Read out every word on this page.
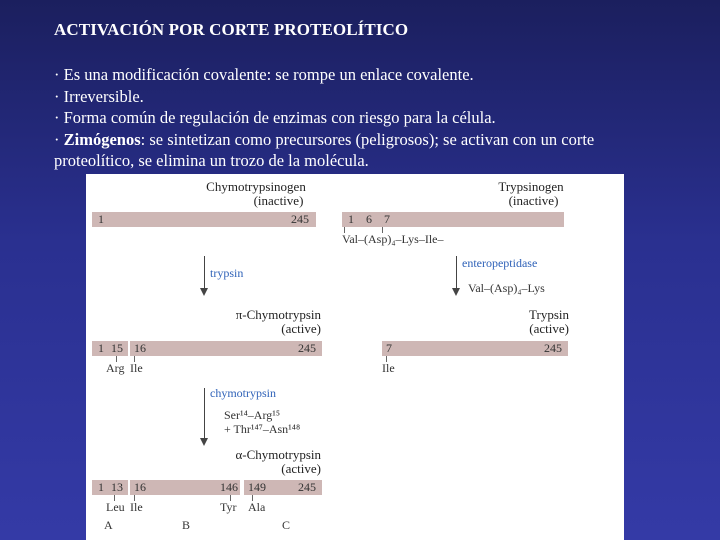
ACTIVACIÓN POR CORTE PROTEOLÍTICO
· Es una modificación covalente: se rompe un enlace covalente.
· Irreversible.
· Forma común de regulación de enzimas con riesgo para la célula.
· Zimógenos: se sintetizan como precursores (peligrosos); se activan con un corte
proteolítico, se elimina un trozo de la molécula.
Chymotrypsinogen
(inactive)
Trypsinogen
(inactive)
1	245	1 6 7
Val–(Asp)₄–Lys–Ile–
trypsin
enteropeptidase
Val–(Asp)₄–Lys
π-Chymotrypsin
(active)
Trypsin
(active)
1 15 16	245
Arg Ile
7	245
Ile
chymotrypsin
Ser¹⁴–Arg¹⁵
+ Thr¹⁴⁷–Asn¹⁴⁸
α-Chymotrypsin
(active)
1 13 16	146 149	245
Leu Ile	Tyr Ala
A	B	C
